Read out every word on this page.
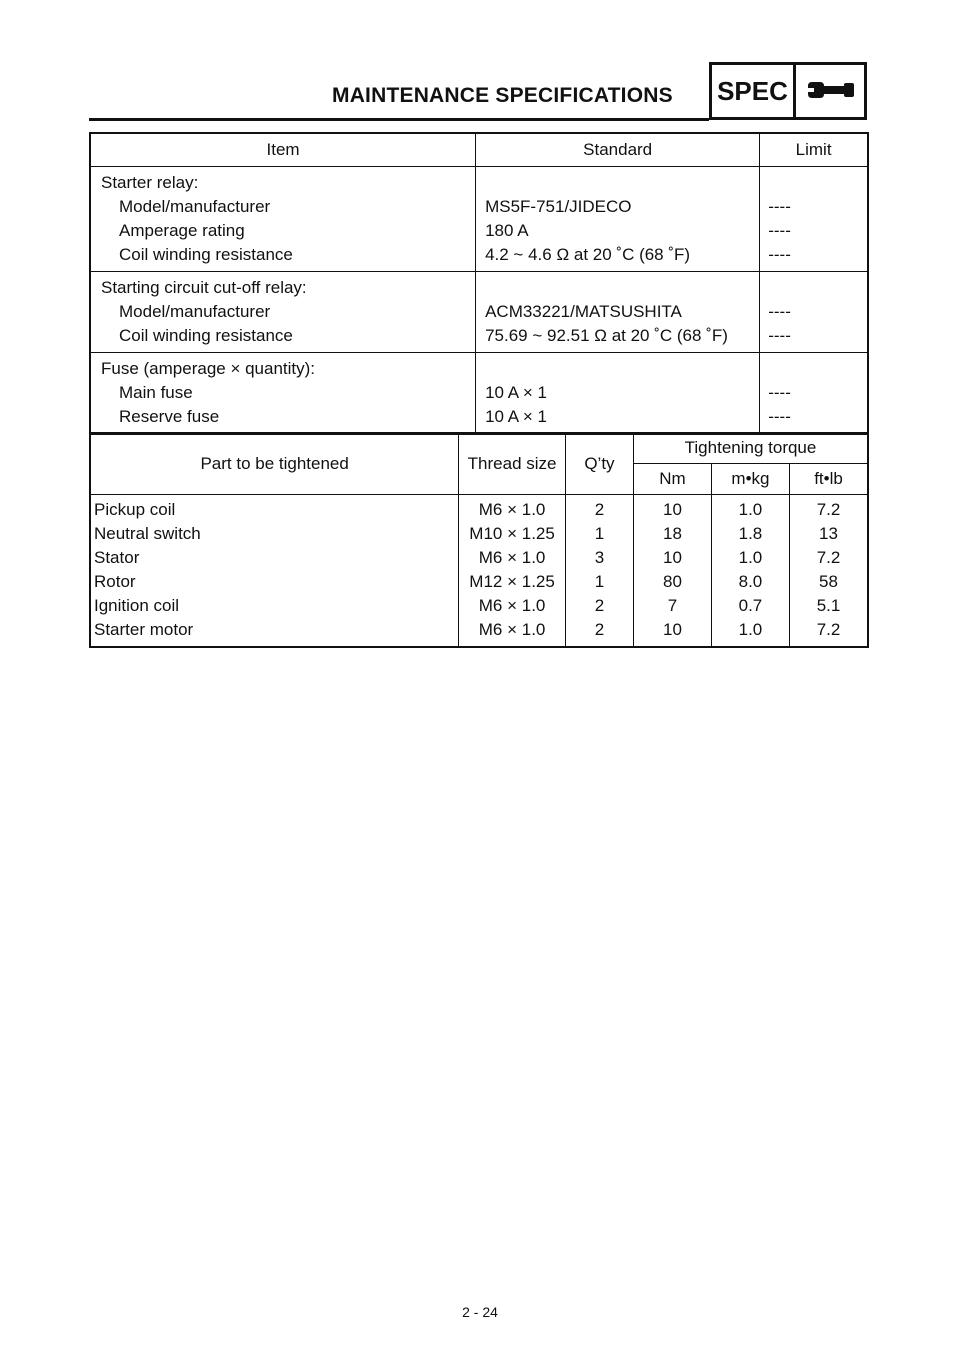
MAINTENANCE SPECIFICATIONS	SPEC
Item	Standard	Limit
Starter relay:		
Model/manufacturer	MS5F-751/JIDECO	----
Amperage rating	180 A	----
Coil winding resistance	4.2 ~ 4.6 Ω at 20 ˚C (68 ˚F)	----
Starting circuit cut-off relay:		
Model/manufacturer	ACM33221/MATSUSHITA	----
Coil winding resistance	75.69 ~ 92.51 Ω at 20 ˚C (68 ˚F)	----
Fuse (amperage × quantity):		
Main fuse	10 A × 1	----
Reserve fuse	10 A × 1	----
Part to be tightened	Thread size	Q’ty	Tightening torque		
			Nm	m•kg	ft•lb
Pickup coil	M6 × 1.0	2	10	1.0	7.2
Neutral switch	M10 × 1.25	1	18	1.8	13
Stator	M6 × 1.0	3	10	1.0	7.2
Rotor	M12 × 1.25	1	80	8.0	58
Ignition coil	M6 × 1.0	2	7	0.7	5.1
Starter motor	M6 × 1.0	2	10	1.0	7.2
2 - 24
